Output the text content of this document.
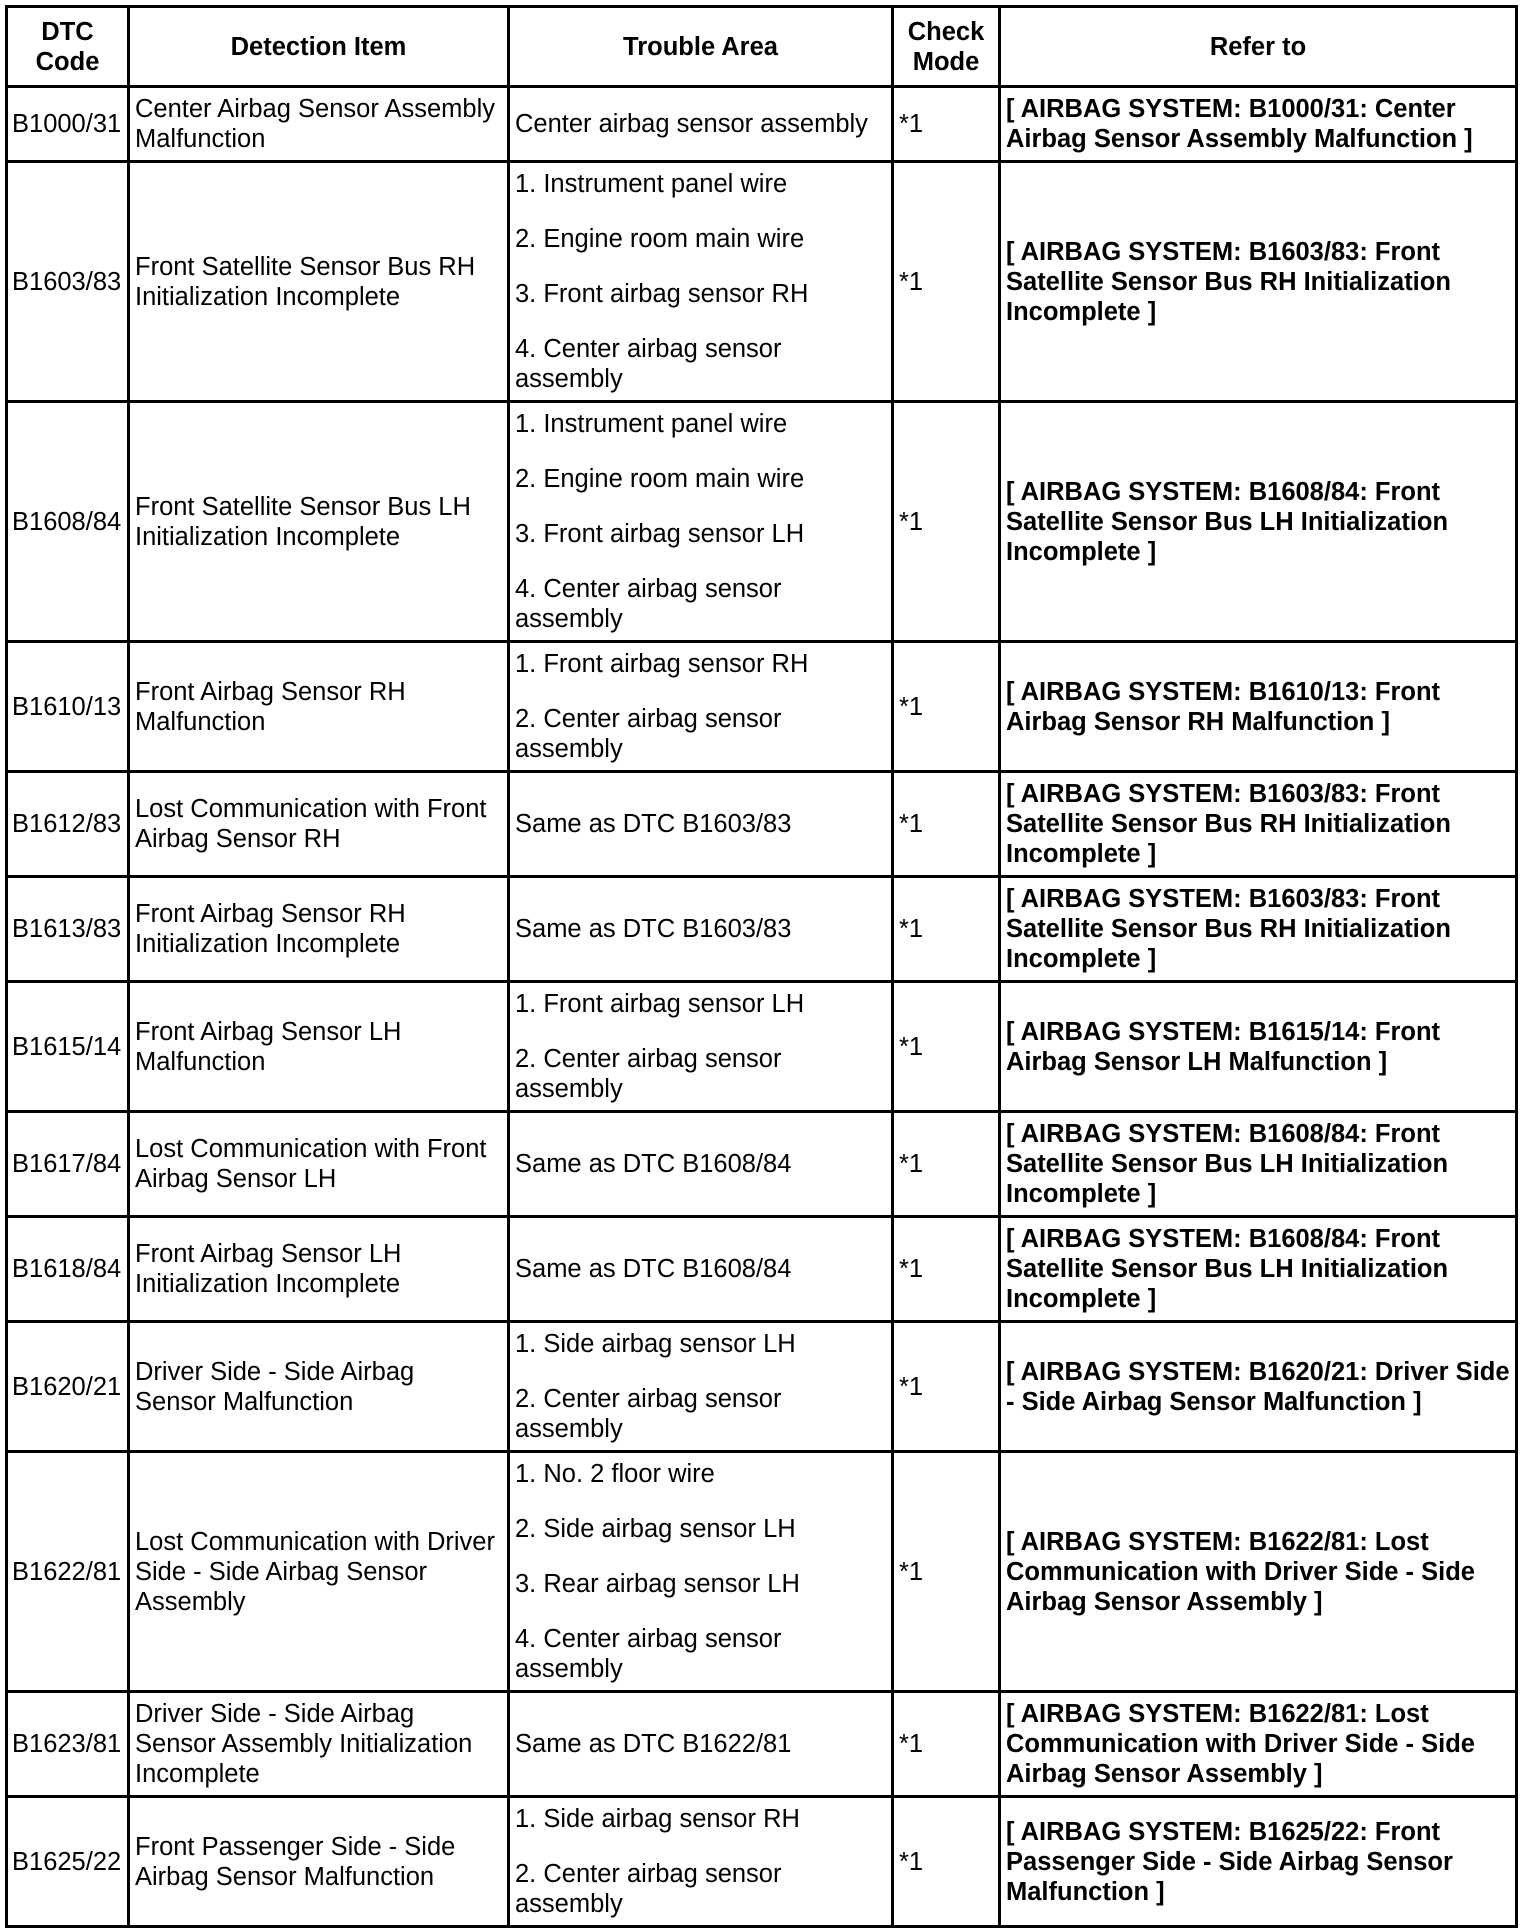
DTC Code	Detection Item	Trouble Area	Check Mode	Refer to
B1000/31	Center Airbag Sensor Assembly Malfunction	Center airbag sensor assembly	*1	[ AIRBAG SYSTEM: B1000/31: Center Airbag Sensor Assembly Malfunction ]
B1603/83	Front Satellite Sensor Bus RH Initialization Incomplete	1. Instrument panel wire
2. Engine room main wire
3. Front airbag sensor RH
4. Center airbag sensor assembly	*1	[ AIRBAG SYSTEM: B1603/83: Front Satellite Sensor Bus RH Initialization Incomplete ]
B1608/84	Front Satellite Sensor Bus LH Initialization Incomplete	1. Instrument panel wire
2. Engine room main wire
3. Front airbag sensor LH
4. Center airbag sensor assembly	*1	[ AIRBAG SYSTEM: B1608/84: Front Satellite Sensor Bus LH Initialization Incomplete ]
B1610/13	Front Airbag Sensor RH Malfunction	1. Front airbag sensor RH
2. Center airbag sensor assembly	*1	[ AIRBAG SYSTEM: B1610/13: Front Airbag Sensor RH Malfunction ]
B1612/83	Lost Communication with Front Airbag Sensor RH	Same as DTC B1603/83	*1	[ AIRBAG SYSTEM: B1603/83: Front Satellite Sensor Bus RH Initialization Incomplete ]
B1613/83	Front Airbag Sensor RH Initialization Incomplete	Same as DTC B1603/83	*1	[ AIRBAG SYSTEM: B1603/83: Front Satellite Sensor Bus RH Initialization Incomplete ]
B1615/14	Front Airbag Sensor LH Malfunction	1. Front airbag sensor LH
2. Center airbag sensor assembly	*1	[ AIRBAG SYSTEM: B1615/14: Front Airbag Sensor LH Malfunction ]
B1617/84	Lost Communication with Front Airbag Sensor LH	Same as DTC B1608/84	*1	[ AIRBAG SYSTEM: B1608/84: Front Satellite Sensor Bus LH Initialization Incomplete ]
B1618/84	Front Airbag Sensor LH Initialization Incomplete	Same as DTC B1608/84	*1	[ AIRBAG SYSTEM: B1608/84: Front Satellite Sensor Bus LH Initialization Incomplete ]
B1620/21	Driver Side - Side Airbag Sensor Malfunction	1. Side airbag sensor LH
2. Center airbag sensor assembly	*1	[ AIRBAG SYSTEM: B1620/21: Driver Side - Side Airbag Sensor Malfunction ]
B1622/81	Lost Communication with Driver Side - Side Airbag Sensor Assembly	1. No. 2 floor wire
2. Side airbag sensor LH
3. Rear airbag sensor LH
4. Center airbag sensor assembly	*1	[ AIRBAG SYSTEM: B1622/81: Lost Communication with Driver Side - Side Airbag Sensor Assembly ]
B1623/81	Driver Side - Side Airbag Sensor Assembly Initialization Incomplete	Same as DTC B1622/81	*1	[ AIRBAG SYSTEM: B1622/81: Lost Communication with Driver Side - Side Airbag Sensor Assembly ]
B1625/22	Front Passenger Side - Side Airbag Sensor Malfunction	1. Side airbag sensor RH
2. Center airbag sensor assembly	*1	[ AIRBAG SYSTEM: B1625/22: Front Passenger Side - Side Airbag Sensor Malfunction ]
